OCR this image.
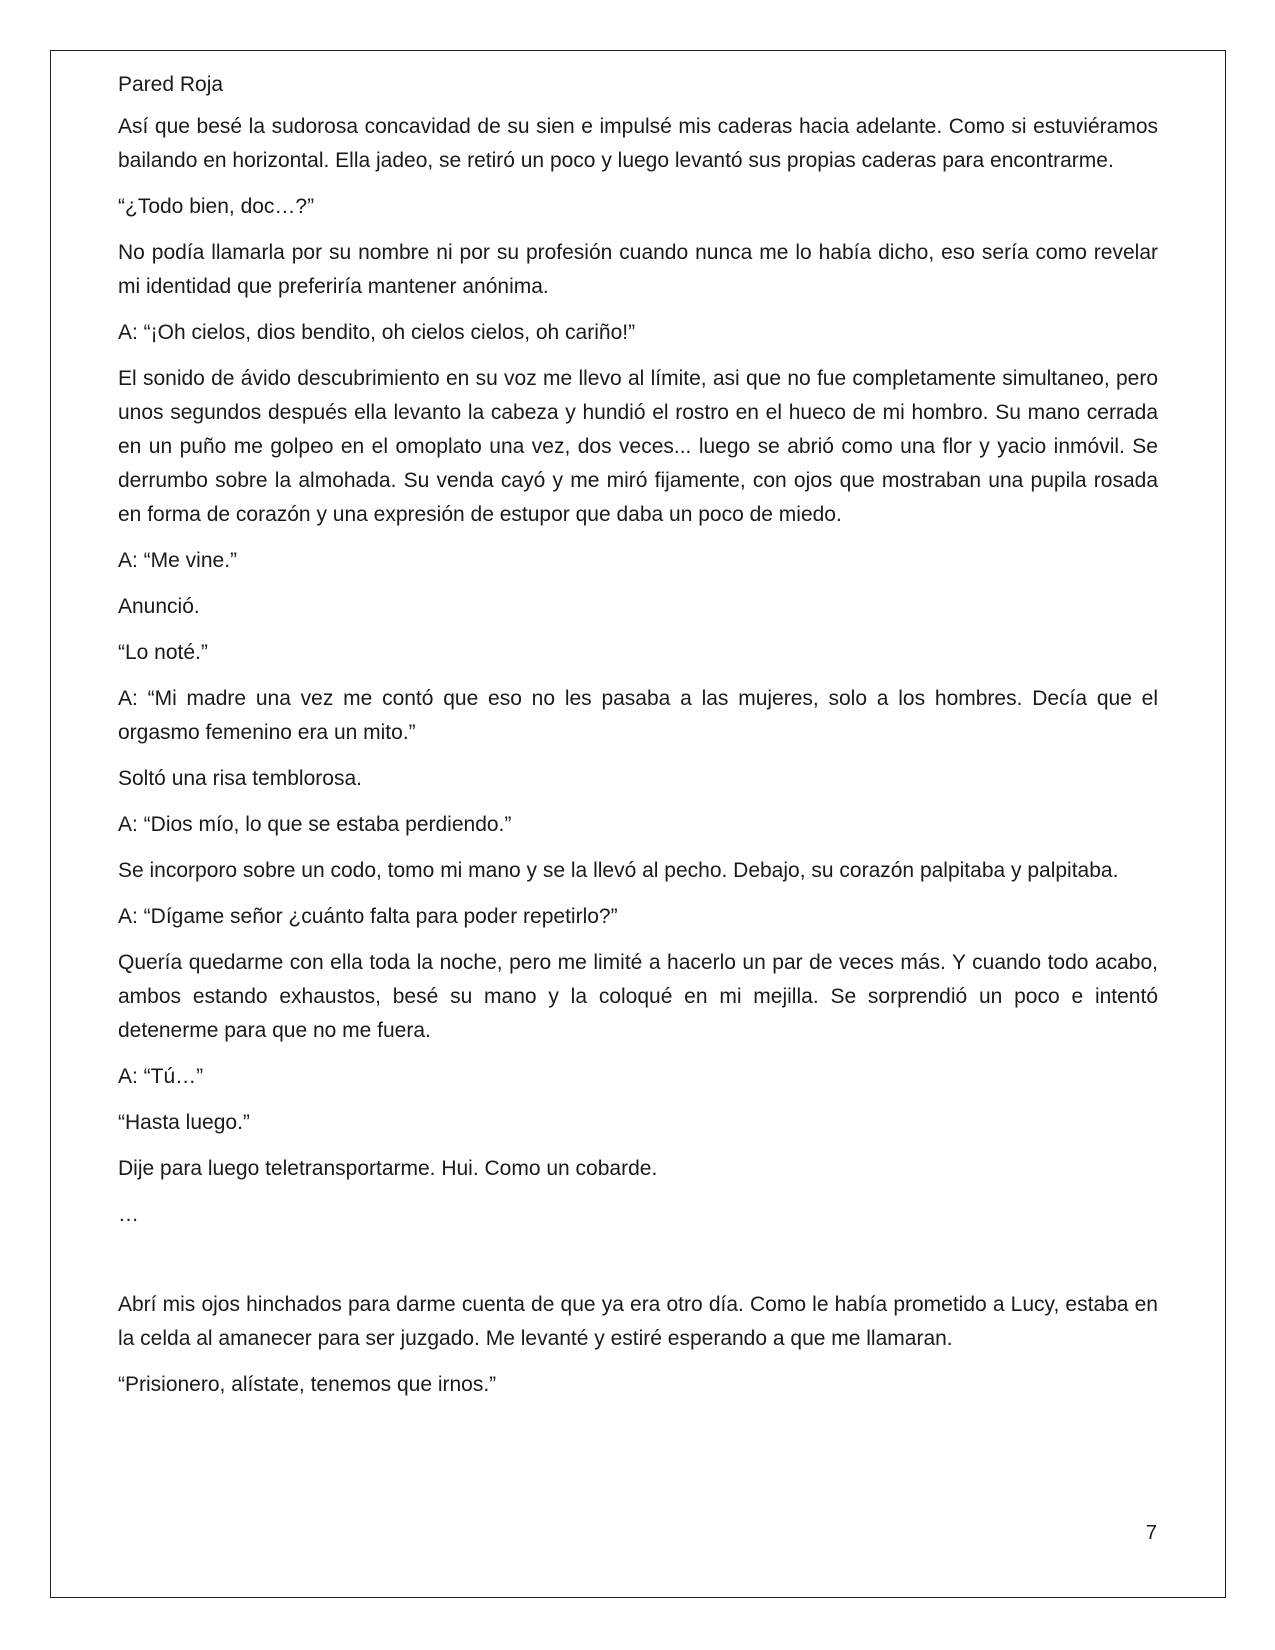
Pared Roja

Así que besé la sudorosa concavidad de su sien e impulsé mis caderas hacia adelante. Como si estuviéramos bailando en horizontal. Ella jadeo, se retiró un poco y luego levantó sus propias caderas para encontrarme.

“¿Todo bien, doc…?”

No podía llamarla por su nombre ni por su profesión cuando nunca me lo había dicho, eso sería como revelar mi identidad que preferiría mantener anónima.

A: “¡Oh cielos, dios bendito, oh cielos cielos, oh cariño!”

El sonido de ávido descubrimiento en su voz me llevo al límite, asi que no fue completamente simultaneo, pero unos segundos después ella levanto la cabeza y hundió el rostro en el hueco de mi hombro. Su mano cerrada en un puño me golpeo en el omoplato una vez, dos veces... luego se abrió como una flor y yacio inmóvil. Se derrumbo sobre la almohada. Su venda cayó y me miró fijamente, con ojos que mostraban una pupila rosada en forma de corazón y una expresión de estupor que daba un poco de miedo.

A: “Me vine.”

Anunció.

“Lo noté.”

A: “Mi madre una vez me contó que eso no les pasaba a las mujeres, solo a los hombres. Decía que el orgasmo femenino era un mito.”

Soltó una risa temblorosa.

A: “Dios mío, lo que se estaba perdiendo.”

Se incorporo sobre un codo, tomo mi mano y se la llevó al pecho. Debajo, su corazón palpitaba y palpitaba.

A: “Dígame señor ¿cuánto falta para poder repetirlo?”

Quería quedarme con ella toda la noche, pero me limité a hacerlo un par de veces más. Y cuando todo acabo, ambos estando exhaustos, besé su mano y la coloqué en mi mejilla. Se sorprendió un poco e intentó detenerme para que no me fuera.

A: “Tú…”

“Hasta luego.”

Dije para luego teletransportarme. Hui. Como un cobarde.

…

Abrí mis ojos hinchados para darme cuenta de que ya era otro día. Como le había prometido a Lucy, estaba en la celda al amanecer para ser juzgado. Me levanté y estiré esperando a que me llamaran.

“Prisionero, alístate, tenemos que irnos.”

7
